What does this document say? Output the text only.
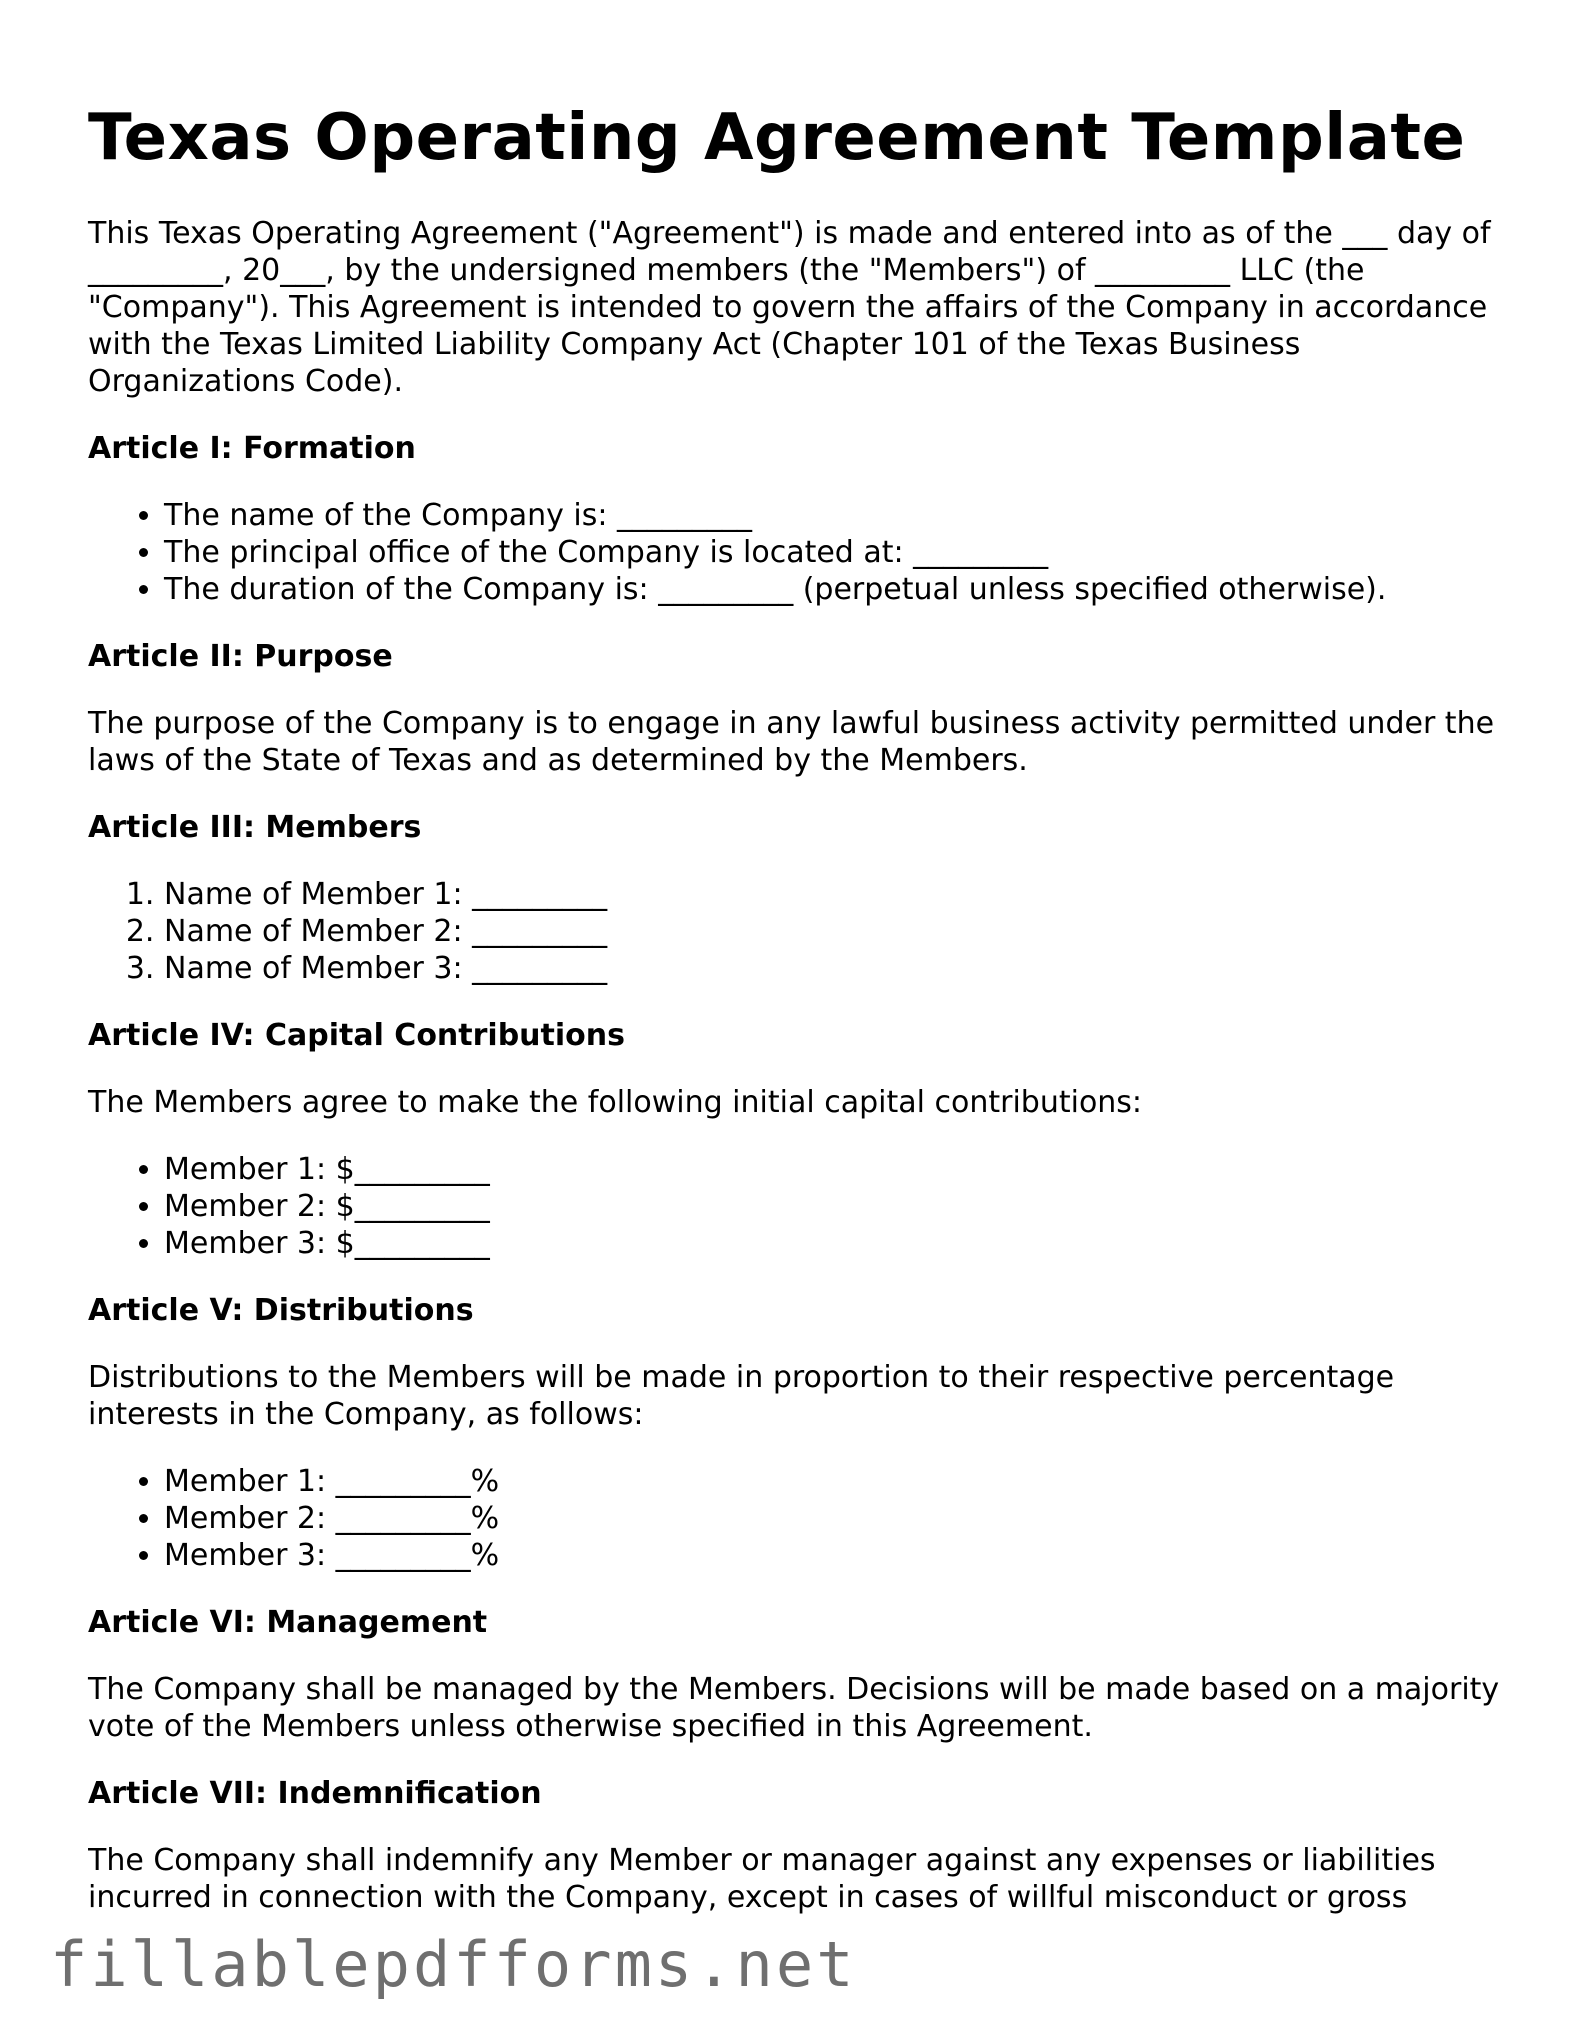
Texas Operating Agreement Template

This Texas Operating Agreement ("Agreement") is made and entered into as of the ___ day of _________, 20___, by the undersigned members (the "Members") of _________ LLC (the "Company"). This Agreement is intended to govern the affairs of the Company in accordance with the Texas Limited Liability Company Act (Chapter 101 of the Texas Business Organizations Code).

Article I: Formation
• The name of the Company is: _________
• The principal office of the Company is located at: _________
• The duration of the Company is: _________ (perpetual unless specified otherwise).
Article II: Purpose

The purpose of the Company is to engage in any lawful business activity permitted under the laws of the State of Texas and as determined by the Members.

Article III: Members
1. Name of Member 1: _________
2. Name of Member 2: _________
3. Name of Member 3: _________
Article IV: Capital Contributions

The Members agree to make the following initial capital contributions:

• Member 1: $_________
• Member 2: $_________
• Member 3: $_________
Article V: Distributions

Distributions to the Members will be made in proportion to their respective percentage interests in the Company, as follows:

• Member 1: _________%
• Member 2: _________%
• Member 3: _________%
Article VI: Management

The Company shall be managed by the Members. Decisions will be made based on a majority vote of the Members unless otherwise specified in this Agreement.

Article VII: Indemnification

The Company shall indemnify any Member or manager against any expenses or liabilities incurred in connection with the Company, except in cases of willful misconduct or gross

fillablepdfforms.net
